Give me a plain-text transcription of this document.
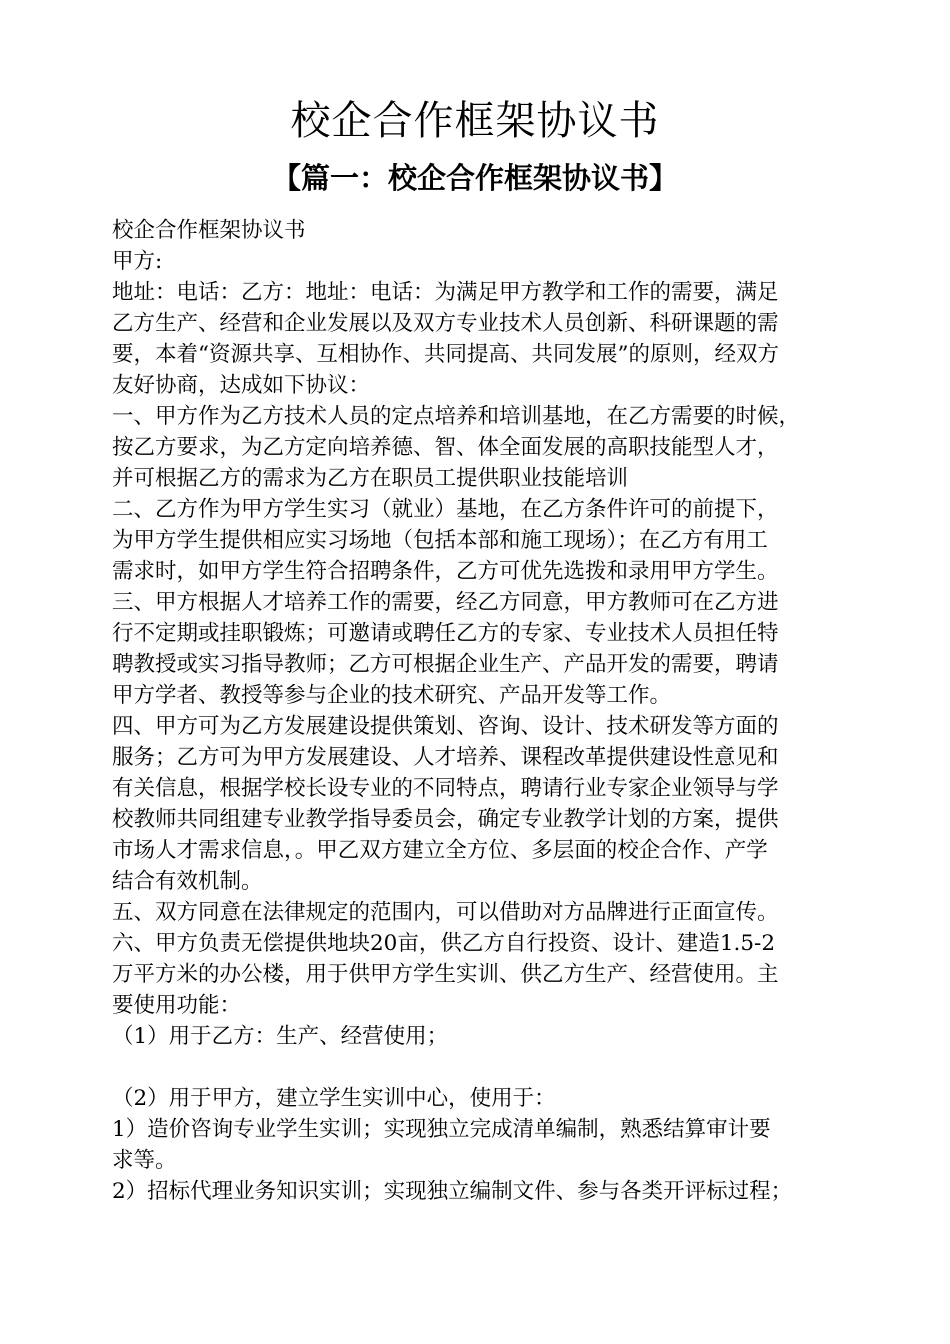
校企合作框架协议书
【篇一：校企合作框架协议书】

校企合作框架协议书

甲方:

地址：电话：乙方：地址：电话：为满足甲方教学和工作的需要，满足

乙方生产、经营和企业发展以及双方专业技术人员创新、科研课题的需

要，本着“资源共享、互相协作、共同提高、共同发展”的原则，经双方

友好协商，达成如下协议：

一、甲方作为乙方技术人员的定点培养和培训基地，在乙方需要的时候，

按乙方要求，为乙方定向培养德、智、体全面发展的高职技能型人才，

并可根据乙方的需求为乙方在职员工提供职业技能培训

二、乙方作为甲方学生实习（就业）基地，在乙方条件许可的前提下，

为甲方学生提供相应实习场地（包括本部和施工现场）；在乙方有用工

需求时，如甲方学生符合招聘条件，乙方可优先选拨和录用甲方学生。

三、甲方根据人才培养工作的需要，经乙方同意，甲方教师可在乙方进

行不定期或挂职锻炼；可邀请或聘任乙方的专家、专业技术人员担任特

聘教授或实习指导教师；乙方可根据企业生产、产品开发的需要，聘请

甲方学者、教授等参与企业的技术研究、产品开发等工作。

四、甲方可为乙方发展建设提供策划、咨询、设计、技术研发等方面的

服务；乙方可为甲方发展建设、人才培养、课程改革提供建设性意见和

有关信息，根据学校长设专业的不同特点，聘请行业专家企业领导与学

校教师共同组建专业教学指导委员会，确定专业教学计划的方案，提供

市场人才需求信息，。甲乙双方建立全方位、多层面的校企合作、产学

结合有效机制。

五、双方同意在法律规定的范围内，可以借助对方品牌进行正面宣传。

六、甲方负责无偿提供地块20亩，供乙方自行投资、设计、建造1.5-2

万平方米的办公楼，用于供甲方学生实训、供乙方生产、经营使用。主

要使用功能：

（1）用于乙方：生产、经营使用；

（2）用于甲方，建立学生实训中心，使用于：

1）造价咨询专业学生实训；实现独立完成清单编制，熟悉结算审计要

求等。

2）招标代理业务知识实训；实现独立编制文件、参与各类开评标过程；
